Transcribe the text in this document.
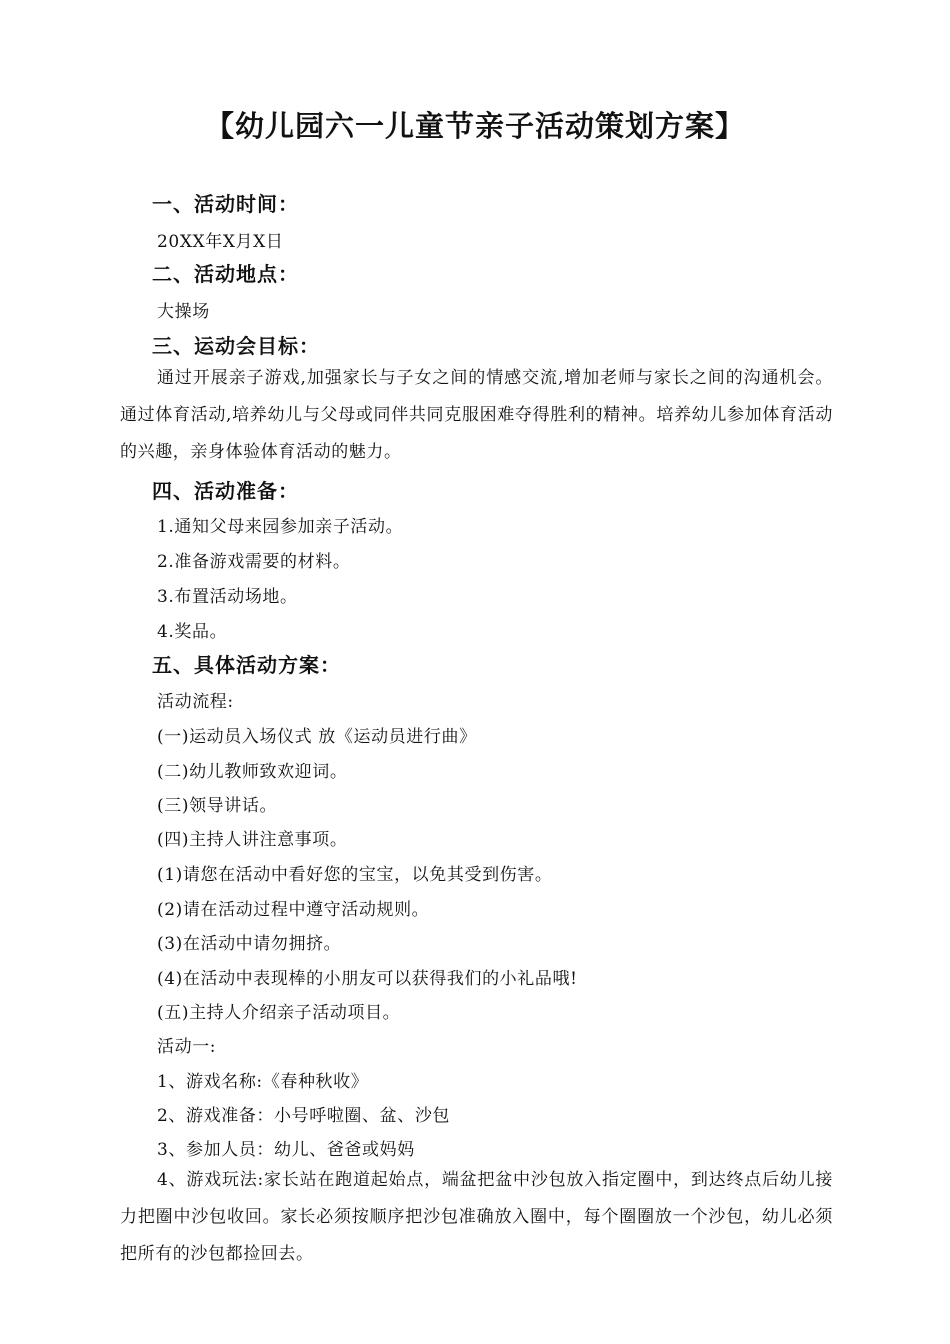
【幼儿园六一儿童节亲子活动策划方案】
一、活动时间：
20XX年X月X日
二、活动地点：
大操场
三、运动会目标：
通过开展亲子游戏,加强家长与子女之间的情感交流,增加老师与家长之间的沟通机会。通过体育活动,培养幼儿与父母或同伴共同克服困难夺得胜利的精神。培养幼儿参加体育活动的兴趣，亲身体验体育活动的魅力。
四、活动准备：
1.通知父母来园参加亲子活动。
2.准备游戏需要的材料。
3.布置活动场地。
4.奖品。
五、具体活动方案：
活动流程:
(一)运动员入场仪式 放《运动员进行曲》
(二)幼儿教师致欢迎词。
(三)领导讲话。
(四)主持人讲注意事项。
(1)请您在活动中看好您的宝宝，以免其受到伤害。
(2)请在活动过程中遵守活动规则。
(3)在活动中请勿拥挤。
(4)在活动中表现棒的小朋友可以获得我们的小礼品哦!
(五)主持人介绍亲子活动项目。
活动一:
1、游戏名称:《春种秋收》
2、游戏准备：小号呼啦圈、盆、沙包
3、参加人员：幼儿、爸爸或妈妈
4、游戏玩法:家长站在跑道起始点，端盆把盆中沙包放入指定圈中，到达终点后幼儿接力把圈中沙包收回。家长必须按顺序把沙包准确放入圈中，每个圈圈放一个沙包，幼儿必须把所有的沙包都捡回去。
